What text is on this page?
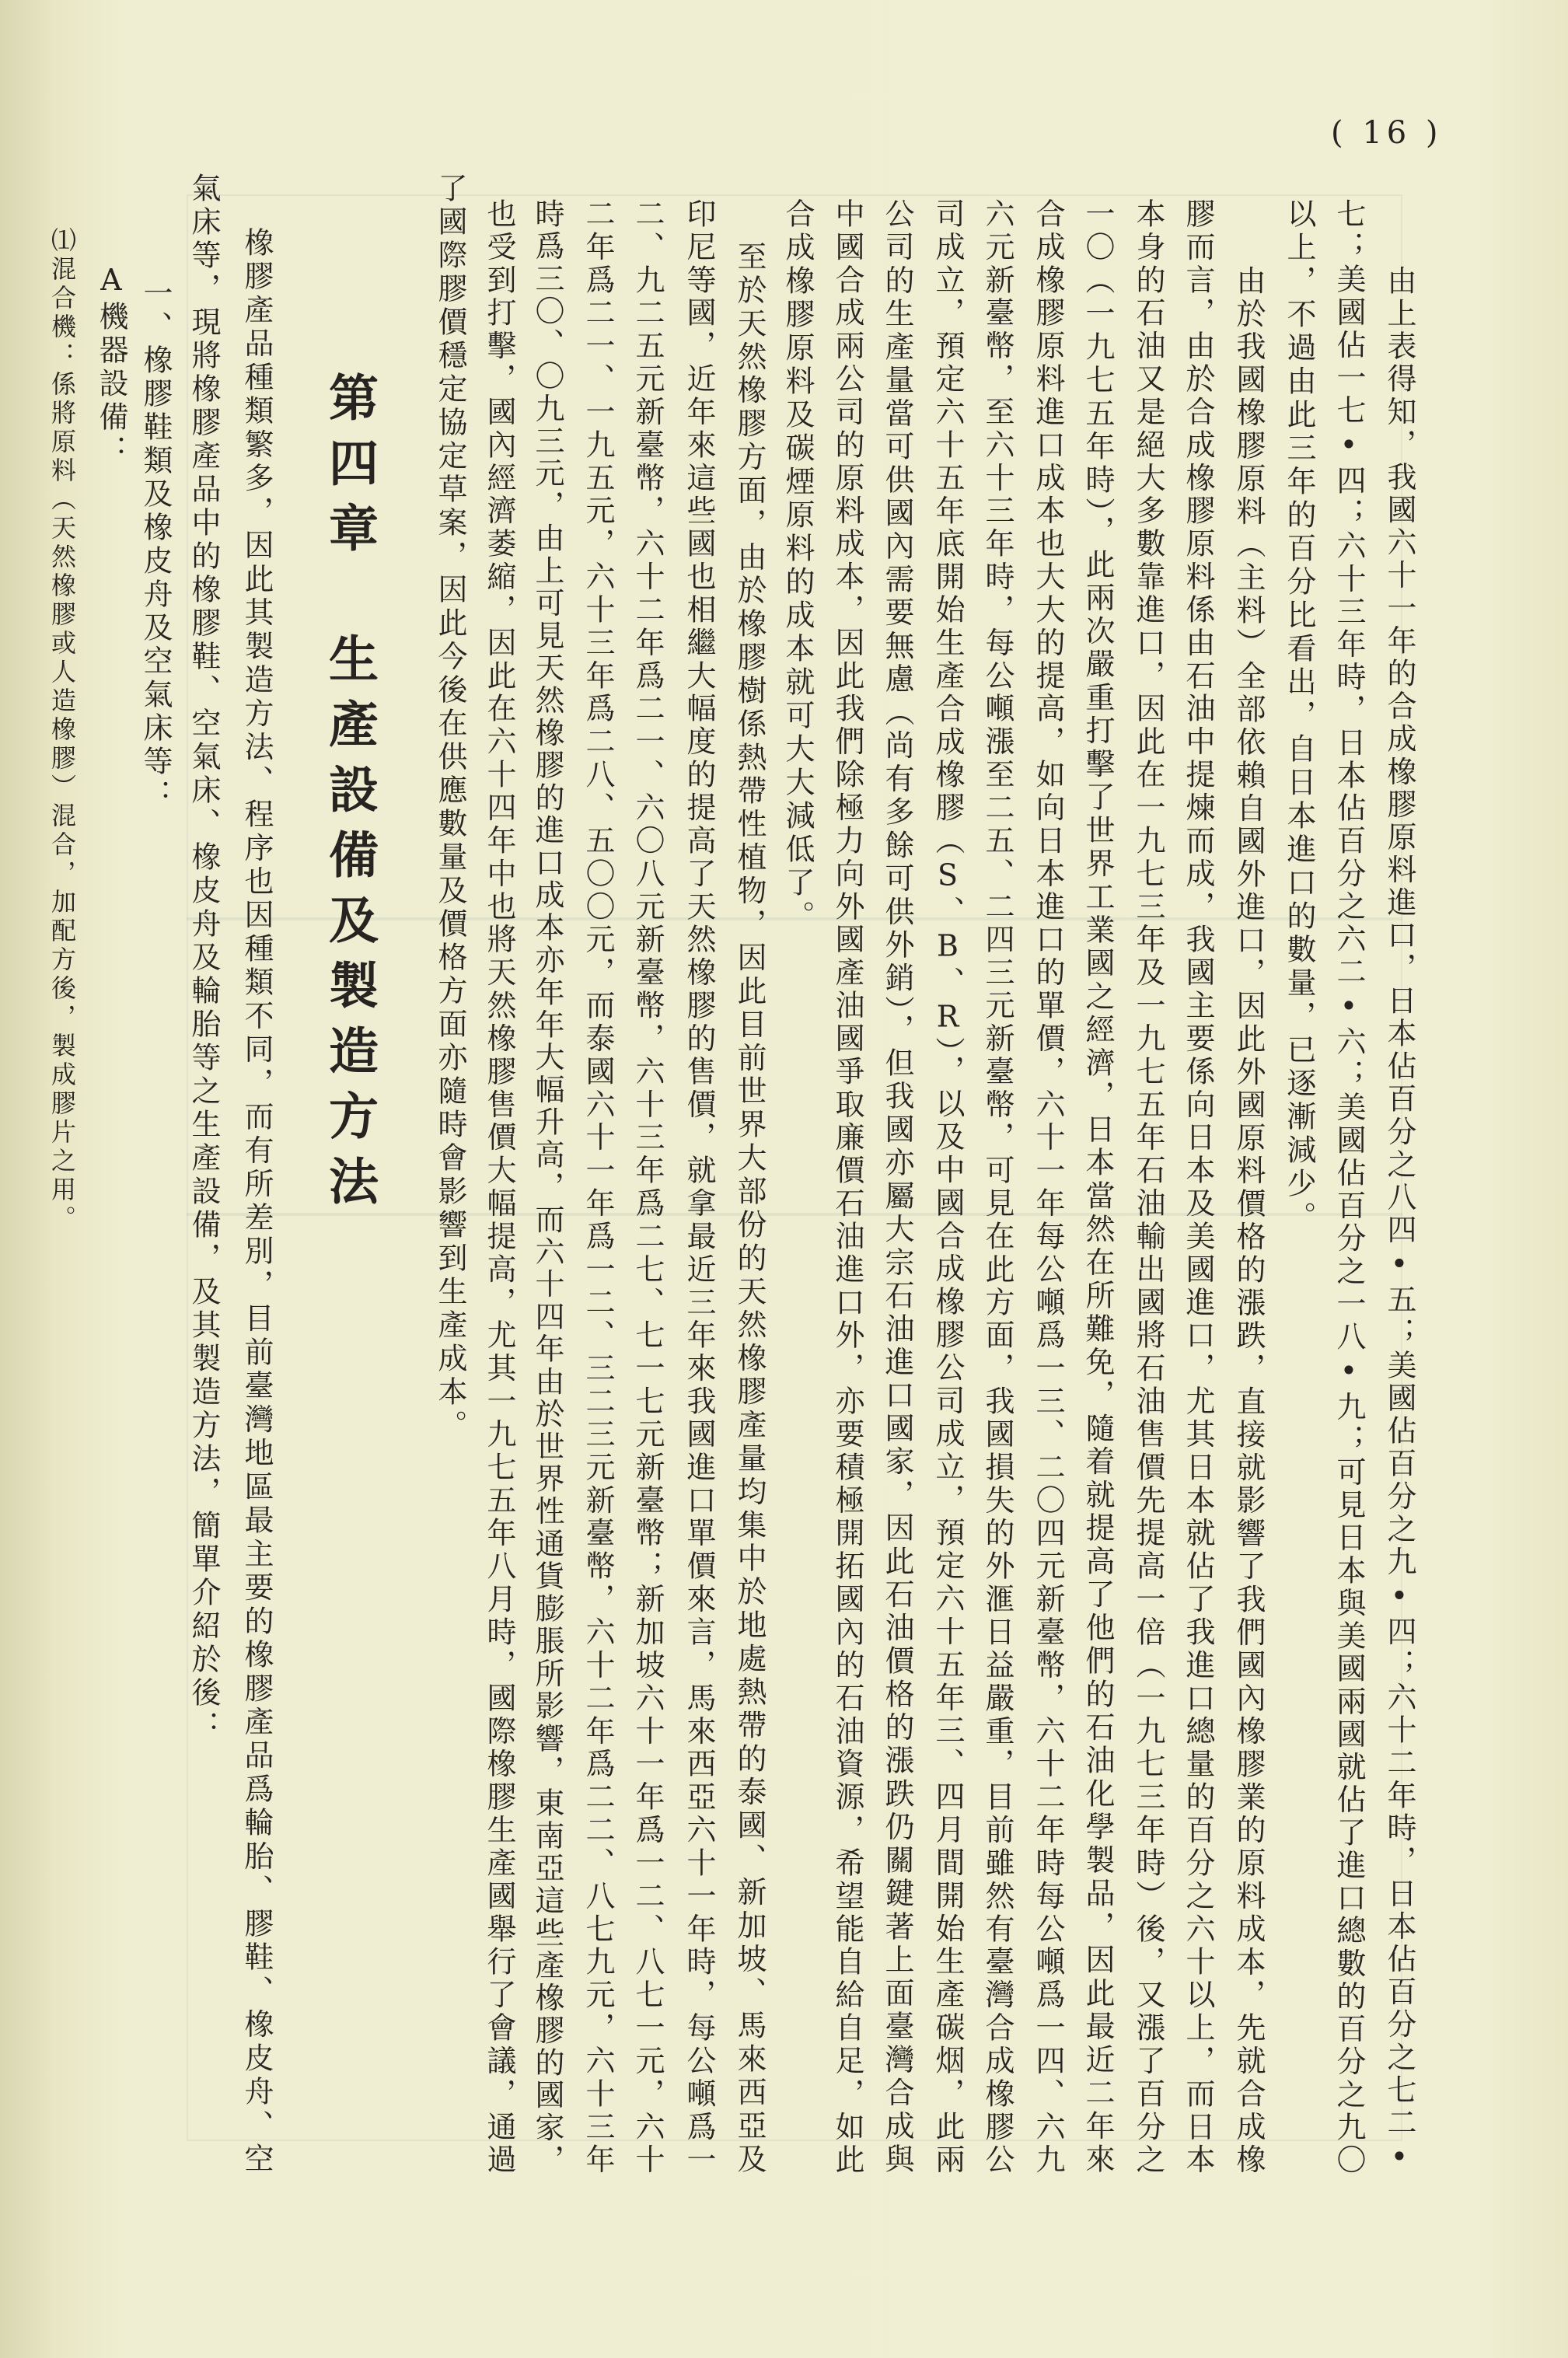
( 16 )
第四章　生產設備及製造方法	由上表得知，我國六十一年的合成橡膠原料進口，日本佔百分之八四•五；美國佔百分之九•四；六十二年時，日本佔百分之七二•
七；美國佔一七•四；六十三年時，日本佔百分之六二•六；美國佔百分之一八•九；可見日本與美國兩國就佔了進口總數的百分之九〇
以上，不過由此三年的百分比看出，自日本進口的數量，已逐漸減少。
由於我國橡膠原料（主料）全部依賴自國外進口，因此外國原料價格的漲跌，直接就影響了我們國內橡膠業的原料成本，先就合成橡
膠而言，由於合成橡膠原料係由石油中提煉而成，我國主要係向日本及美國進口，尤其日本就佔了我進口總量的百分之六十以上，而日本
本身的石油又是絕大多數靠進口，因此在一九七三年及一九七五年石油輸出國將石油售價先提高一倍（一九七三年時）後，又漲了百分之
一〇（一九七五年時），此兩次嚴重打擊了世界工業國之經濟，日本當然在所難免，隨着就提高了他們的石油化學製品，因此最近二年來
合成橡膠原料進口成本也大大的提高，如向日本進口的單價，六十一年每公噸爲一三、二〇四元新臺幣，六十二年時每公噸爲一四、六九
六元新臺幣，至六十三年時，每公噸漲至二五、二四三元新臺幣，可見在此方面，我國損失的外滙日益嚴重，目前雖然有臺灣合成橡膠公
司成立，預定六十五年底開始生產合成橡膠（S、B、R），以及中國合成橡膠公司成立，預定六十五年三、四月間開始生產碳烟，此兩
公司的生產量當可供國內需要無慮（尚有多餘可供外銷），但我國亦屬大宗石油進口國家，因此石油價格的漲跌仍關鍵著上面臺灣合成與
中國合成兩公司的原料成本，因此我們除極力向外國產油國爭取廉價石油進口外，亦要積極開拓國內的石油資源，希望能自給自足，如此
合成橡膠原料及碳煙原料的成本就可大大減低了。
至於天然橡膠方面，由於橡膠樹係熱帶性植物，因此目前世界大部份的天然橡膠產量均集中於地處熱帶的泰國、新加坡、馬來西亞及
印尼等國，近年來這些國也相繼大幅度的提高了天然橡膠的售價，就拿最近三年來我國進口單價來言，馬來西亞六十一年時，每公噸爲一
二、九二五元新臺幣，六十二年爲二一、六〇八元新臺幣，六十三年爲二七、七一七元新臺幣；新加坡六十一年爲一二、八七一元，六十
二年爲二一、一九五元，六十三年爲二八、五〇〇元，而泰國六十一年爲一二、三二三元新臺幣，六十二年爲二二、八七九元，六十三年
時爲三〇、〇九三元，由上可見天然橡膠的進口成本亦年年大幅升高，而六十四年由於世界性通貨膨脹所影響，東南亞這些產橡膠的國家，
也受到打擊，國內經濟萎縮，因此在六十四年中也將天然橡膠售價大幅提高，尤其一九七五年八月時，國際橡膠生產國舉行了會議，通過
了國際膠價穩定協定草案，因此今後在供應數量及價格方面亦隨時會影響到生產成本。
橡膠產品種類繁多，因此其製造方法、程序也因種類不同，而有所差別，目前臺灣地區最主要的橡膠產品爲輪胎、膠鞋、橡皮舟、空
氣床等，現將橡膠產品中的橡膠鞋、空氣床、橡皮舟及輪胎等之生產設備，及其製造方法，簡單介紹於後：
一、橡膠鞋類及橡皮舟及空氣床等：
A機器設備：
⑴混合機：係將原料（天然橡膠或人造橡膠）混合，加配方後，製成膠片之用。
